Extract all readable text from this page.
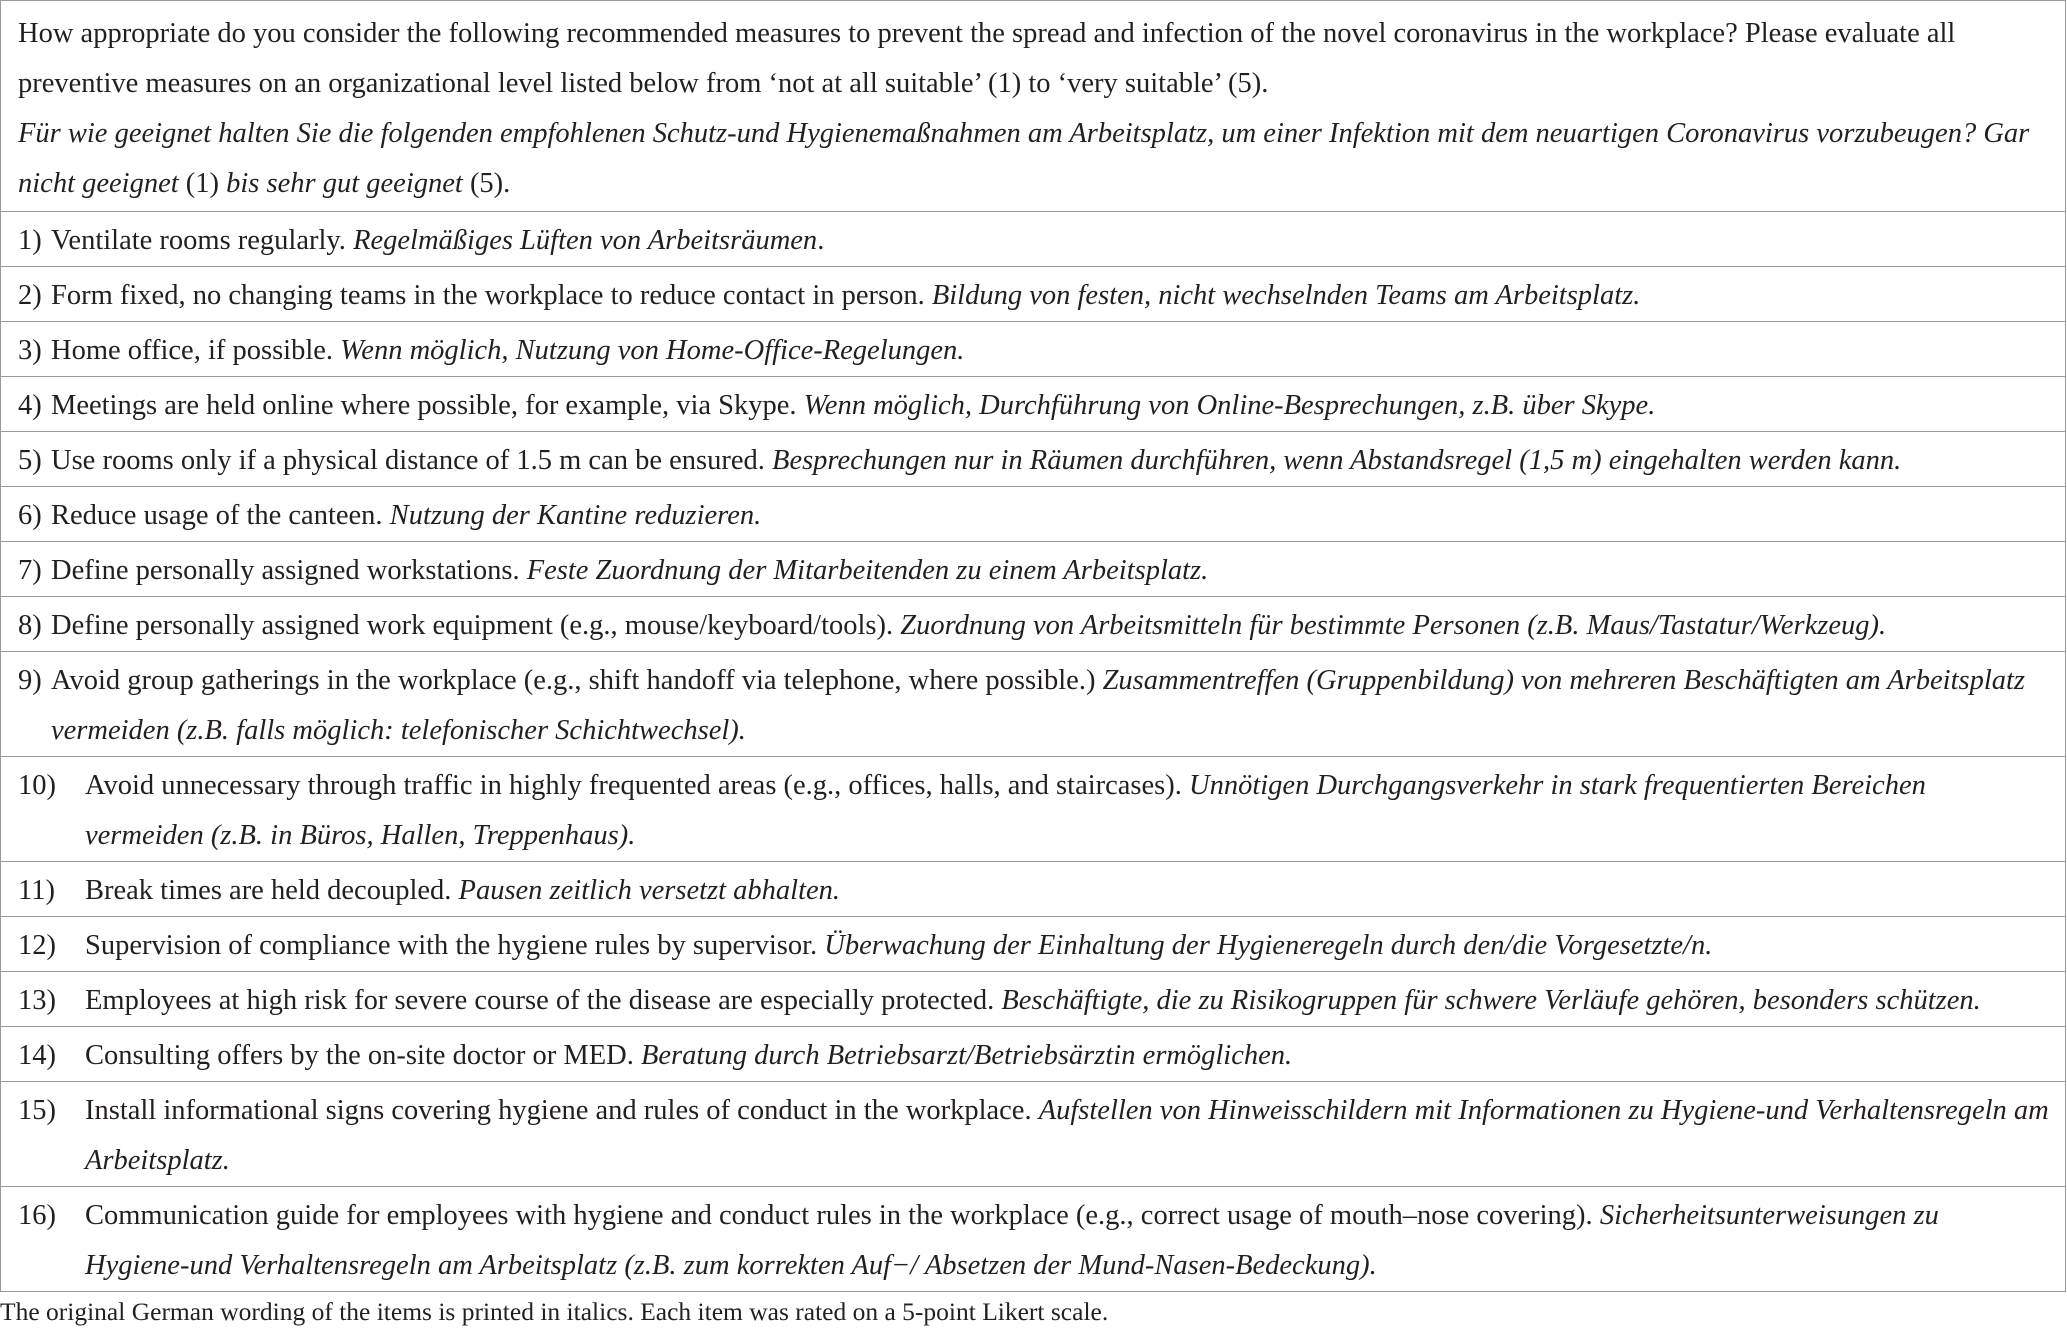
How appropriate do you consider the following recommended measures to prevent the spread and infection of the novel coronavirus in the workplace? Please evaluate all preventive measures on an organizational level listed below from ‘not at all suitable’ (1) to ‘very suitable’ (5).
Für wie geeignet halten Sie die folgenden empfohlenen Schutz-und Hygienemaßnahmen am Arbeitsplatz, um einer Infektion mit dem neuartigen Coronavirus vorzubeugen? Gar nicht geeignet (1) bis sehr gut geeignet (5).

1) Ventilate rooms regularly. Regelmäßiges Lüften von Arbeitsräumen.

2) Form fixed, no changing teams in the workplace to reduce contact in person. Bildung von festen, nicht wechselnden Teams am Arbeitsplatz.

3) Home office, if possible. Wenn möglich, Nutzung von Home-Office-Regelungen.

4) Meetings are held online where possible, for example, via Skype. Wenn möglich, Durchführung von Online-Besprechungen, z.B. über Skype.

5) Use rooms only if a physical distance of 1.5 m can be ensured. Besprechungen nur in Räumen durchführen, wenn Abstandsregel (1,5 m) eingehalten werden kann.

6) Reduce usage of the canteen. Nutzung der Kantine reduzieren.

7) Define personally assigned workstations. Feste Zuordnung der Mitarbeitenden zu einem Arbeitsplatz.

8) Define personally assigned work equipment (e.g., mouse/keyboard/tools). Zuordnung von Arbeitsmitteln für bestimmte Personen (z.B. Maus/Tastatur/Werkzeug).

9) Avoid group gatherings in the workplace (e.g., shift handoff via telephone, where possible.) Zusammentreffen (Gruppenbildung) von mehreren Beschäftigten am Arbeitsplatz vermeiden (z.B. falls möglich: telefonischer Schichtwechsel).

10)	Avoid unnecessary through traffic in highly frequented areas (e.g., offices, halls, and staircases). Unnötigen Durchgangsverkehr in stark frequentierten Bereichen vermeiden (z.B. in Büros, Hallen, Treppenhaus).

11)	Break times are held decoupled. Pausen zeitlich versetzt abhalten.

12)	Supervision of compliance with the hygiene rules by supervisor. Überwachung der Einhaltung der Hygieneregeln durch den/die Vorgesetzte/n.

13)	Employees at high risk for severe course of the disease are especially protected. Beschäftigte, die zu Risikogruppen für schwere Verläufe gehören, besonders schützen.

14)	Consulting offers by the on-site doctor or MED. Beratung durch Betriebsarzt/Betriebsärztin ermöglichen.

15)	Install informational signs covering hygiene and rules of conduct in the workplace. Aufstellen von Hinweisschildern mit Informationen zu Hygiene-und Verhaltensregeln am Arbeitsplatz.

16)	Communication guide for employees with hygiene and conduct rules in the workplace (e.g., correct usage of mouth–nose covering). Sicherheitsunterweisungen zu Hygiene-und Verhaltensregeln am Arbeitsplatz (z.B. zum korrekten Auf−/ Absetzen der Mund-Nasen-Bedeckung).
The original German wording of the items is printed in italics. Each item was rated on a 5-point Likert scale.
